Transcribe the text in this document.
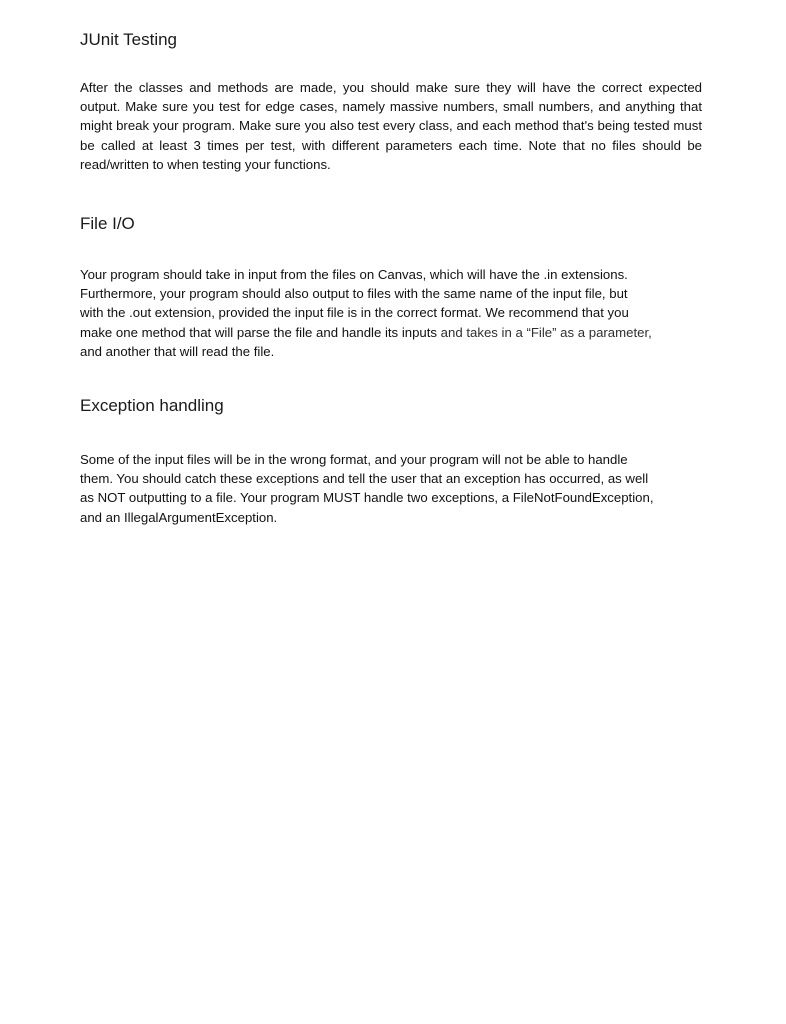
JUnit Testing

After the classes and methods are made, you should make sure they will have the correct expected output. Make sure you test for edge cases, namely massive numbers, small numbers, and anything that might break your program. Make sure you also test every class, and each method that's being tested must be called at least 3 times per test, with different parameters each time. Note that no files should be read/written to when testing your functions.

File I/O
Your program should take in input from the files on Canvas, which will have the .in extensions.
Furthermore, your program should also output to files with the same name of the input file, but
with the .out extension, provided the input file is in the correct format. We recommend that you
make one method that will parse the file and handle its inputs and takes in a “File” as a parameter,
and another that will read the file.
Exception handling
Some of the input files will be in the wrong format, and your program will not be able to handle
them. You should catch these exceptions and tell the user that an exception has occurred, as well
as NOT outputting to a file. Your program MUST handle two exceptions, a FileNotFoundException,
and an IllegalArgumentException.
